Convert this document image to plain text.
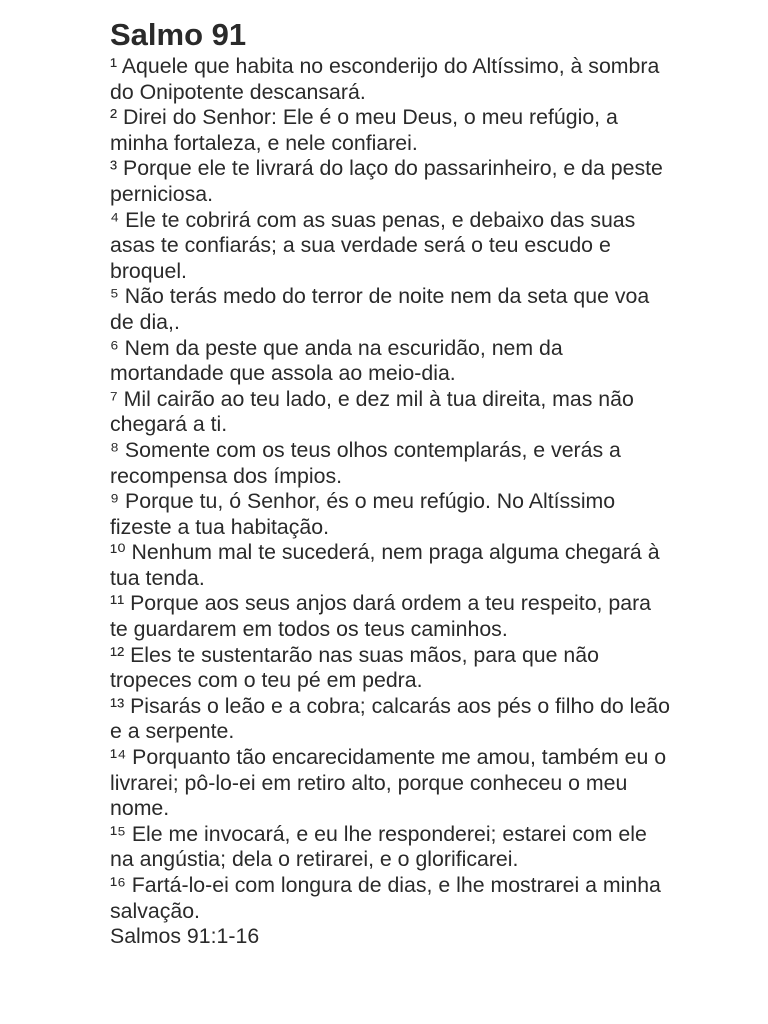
Salmo 91

¹ Aquele que habita no esconderijo do Altíssimo, à sombra do Onipotente descansará.

² Direi do Senhor: Ele é o meu Deus, o meu refúgio, a minha fortaleza, e nele confiarei.

³ Porque ele te livrará do laço do passarinheiro, e da peste perniciosa.

⁴ Ele te cobrirá com as suas penas, e debaixo das suas asas te confiarás; a sua verdade será o teu escudo e broquel.

⁵ Não terás medo do terror de noite nem da seta que voa de dia,.

⁶ Nem da peste que anda na escuridão, nem da mortandade que assola ao meio-dia.

⁷ Mil cairão ao teu lado, e dez mil à tua direita, mas não chegará a ti.

⁸ Somente com os teus olhos contemplarás, e verás a recompensa dos ímpios.

⁹ Porque tu, ó Senhor, és o meu refúgio. No Altíssimo fizeste a tua habitação.

¹⁰ Nenhum mal te sucederá, nem praga alguma chegará à tua tenda.

¹¹ Porque aos seus anjos dará ordem a teu respeito, para te guardarem em todos os teus caminhos.

¹² Eles te sustentarão nas suas mãos, para que não tropeces com o teu pé em pedra.

¹³ Pisarás o leão e a cobra; calcarás aos pés o filho do leão e a serpente.

¹⁴ Porquanto tão encarecidamente me amou, também eu o livrarei; pô-lo-ei em retiro alto, porque conheceu o meu nome.

¹⁵ Ele me invocará, e eu lhe responderei; estarei com ele na angústia; dela o retirarei, e o glorificarei.

¹⁶ Fartá-lo-ei com longura de dias, e lhe mostrarei a minha salvação.

Salmos 91:1-16
